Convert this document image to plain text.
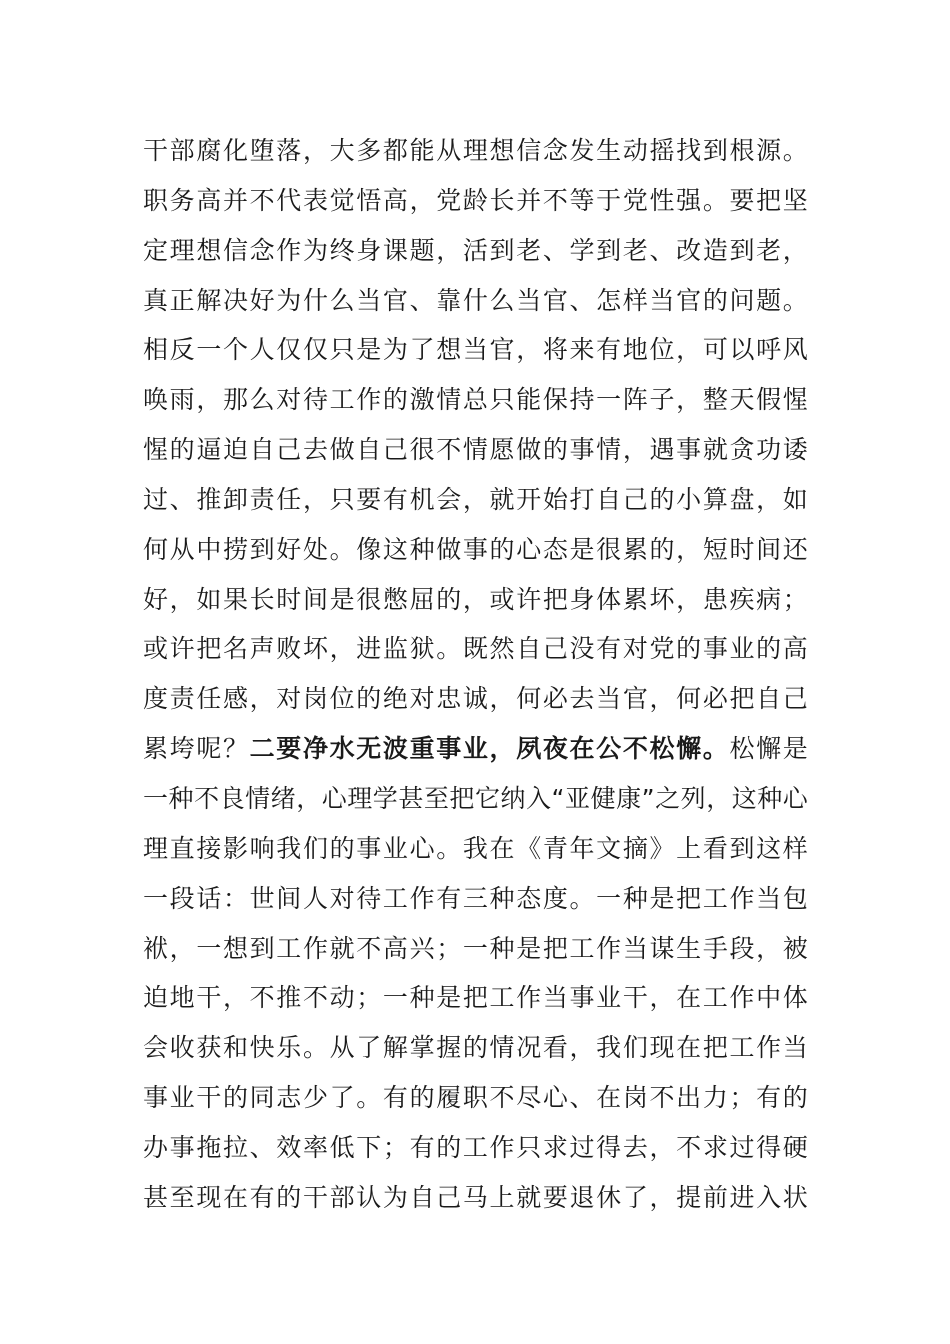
干部腐化堕落，大多都能从理想信念发生动摇找到根源。
职务高并不代表觉悟高，党龄长并不等于党性强。要把坚
定理想信念作为终身课题，活到老、学到老、改造到老，
真正解决好为什么当官、靠什么当官、怎样当官的问题。
相反一个人仅仅只是为了想当官，将来有地位，可以呼风
唤雨，那么对待工作的激情总只能保持一阵子，整天假惺
惺的逼迫自己去做自己很不情愿做的事情，遇事就贪功诿
过、推卸责任，只要有机会，就开始打自己的小算盘，如
何从中捞到好处。像这种做事的心态是很累的，短时间还
好，如果长时间是很憋屈的，或许把身体累坏，患疾病；
或许把名声败坏，进监狱。既然自己没有对党的事业的高
度责任感，对岗位的绝对忠诚，何必去当官，何必把自己
累垮呢？二要净水无波重事业，夙夜在公不松懈。松懈是
一种不良情绪，心理学甚至把它纳入“亚健康”之列，这种心
理直接影响我们的事业心。我在《青年文摘》上看到这样
一段话：世间人对待工作有三种态度。一种是把工作当包
袱，一想到工作就不高兴；一种是把工作当谋生手段，被
迫地干，不推不动；一种是把工作当事业干，在工作中体
会收获和快乐。从了解掌握的情况看，我们现在把工作当
事业干的同志少了。有的履职不尽心、在岗不出力；有的
办事拖拉、效率低下；有的工作只求过得去，不求过得硬
甚至现在有的干部认为自己马上就要退休了，提前进入状
